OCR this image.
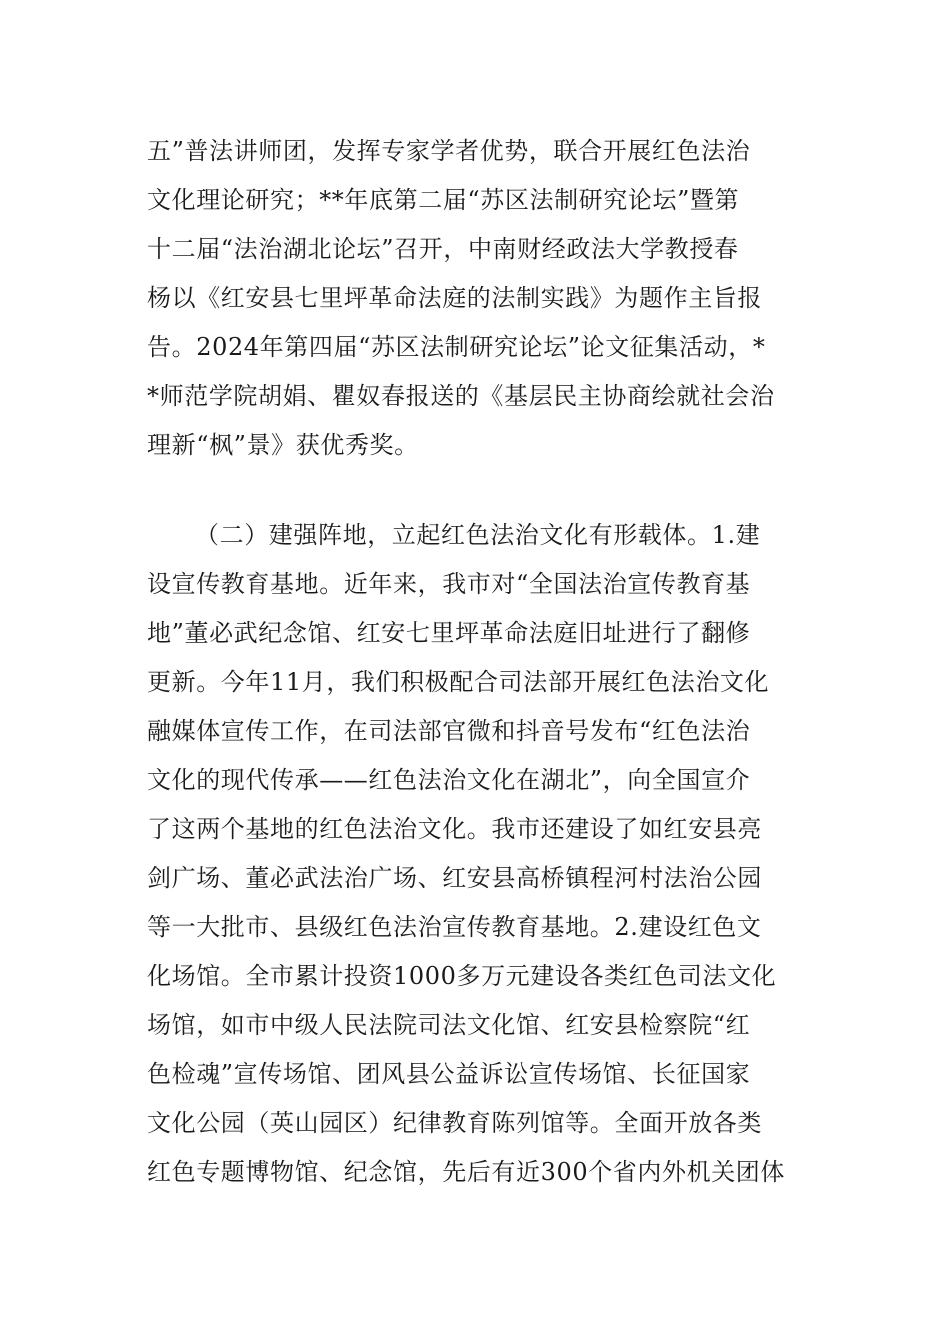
五”普法讲师团，发挥专家学者优势，联合开展红色法治
文化理论研究；**年底第二届“苏区法制研究论坛”暨第
十二届“法治湖北论坛”召开，中南财经政法大学教授春
杨以《红安县七里坪革命法庭的法制实践》为题作主旨报
告。2024年第四届“苏区法制研究论坛”论文征集活动，*
*师范学院胡娟、瞿奴春报送的《基层民主协商绘就社会治
理新“枫”景》获优秀奖。
（二）建强阵地，立起红色法治文化有形载体。1.建
设宣传教育基地。近年来，我市对“全国法治宣传教育基
地”董必武纪念馆、红安七里坪革命法庭旧址进行了翻修
更新。今年11月，我们积极配合司法部开展红色法治文化
融媒体宣传工作，在司法部官微和抖音号发布“红色法治
文化的现代传承——红色法治文化在湖北”，向全国宣介
了这两个基地的红色法治文化。我市还建设了如红安县亮
剑广场、董必武法治广场、红安县高桥镇程河村法治公园
等一大批市、县级红色法治宣传教育基地。2.建设红色文
化场馆。全市累计投资1000多万元建设各类红色司法文化
场馆，如市中级人民法院司法文化馆、红安县检察院“红
色检魂”宣传场馆、团风县公益诉讼宣传场馆、长征国家
文化公园（英山园区）纪律教育陈列馆等。全面开放各类
红色专题博物馆、纪念馆，先后有近300个省内外机关团体
